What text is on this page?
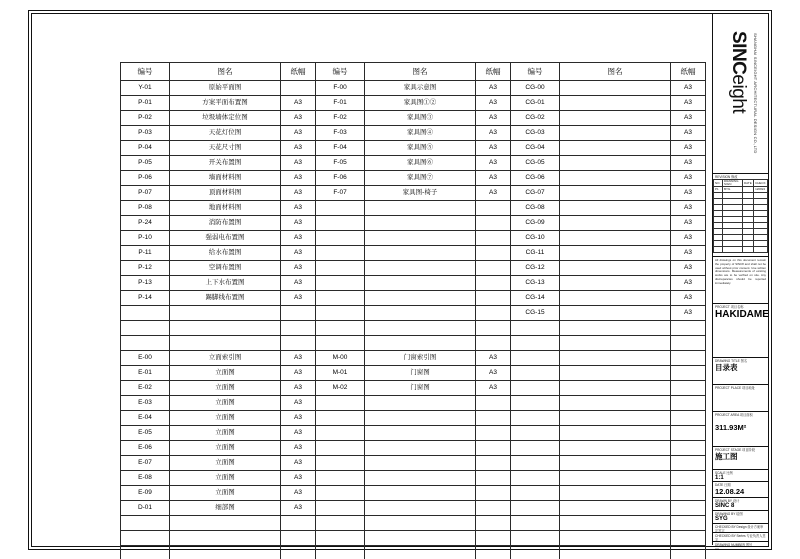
编号	图名	纸幅	编号	图名	纸幅	编号	图名	纸幅
Y-01	原始平面图		F-00	家具示意图	A3	CG-00		A3
P-01	方案平面布置图	A3	F-01	家具图①②	A3	CG-01		A3
P-02	垃圾墙体定位图	A3	F-02	家具图③	A3	CG-02		A3
P-03	天花灯位图	A3	F-03	家具图④	A3	CG-03		A3
P-04	天花尺寸图	A3	F-04	家具图⑤	A3	CG-04		A3
P-05	开关布置图	A3	F-05	家具图⑥	A3	CG-05		A3
P-06	墙面材料图	A3	F-06	家具图⑦	A3	CG-06		A3
P-07	顶面材料图	A3	F-07	家具图-椅子	A3	CG-07		A3
P-08	地面材料图	A3				CG-08		A3
P-24	消防布置图	A3				CG-09		A3
P-10	强弱电布置图	A3				CG-10		A3
P-11	给水布置图	A3				CG-11		A3
P-12	空调布置图	A3				CG-12		A3
P-13	上下水布置图	A3				CG-13		A3
P-14	踢脚线布置图	A3				CG-14		A3
						CG-15		A3

E-00	立面索引图	A3	M-00	门窗索引图	A3			
E-01	立面图	A3	M-01	门窗图	A3			
E-02	立面图	A3	M-02	门窗图	A3			
E-03	立面图	A3						
E-04	立面图	A3						
E-05	立面图	A3						
E-06	立面图	A3						
E-07	立面图	A3						
E-08	立面图	A3						
E-09	立面图	A3						
D-01	细部图	A3						

SINCeight SHANGHAI SINCEIGHT ARCHITECTURAL DESIGN CO.,LTD
REVISION 修改
NO.	DRAWING SIGN	DATE	CHECK
P1	BYG		120824

All drawings on this document remain the property of SINC8 and shall not be used without prior consent. Use written dimensions. Measurements of existing works are to be verified on site. Any discrepancies should be reported immediately.
PROJECT 项目名称
HAKIDAME
DRAWING TITLE 图名
目录表
PROJECT PLACE 项目地址
PROJECT AREA 项目面积
311.93M²
PROJECT STAGE 项目阶段
施工图
SCALE 比例
1:1
DATE 日期
12.08.24
DRAWN BY 设计
SINC 8
DRAWING BY 绘图
SYG
CHECKED BY Design 设计方案审定签字
CHECKED BY Series 专业负责人签字
DRAWING NUMBER 图号
--
